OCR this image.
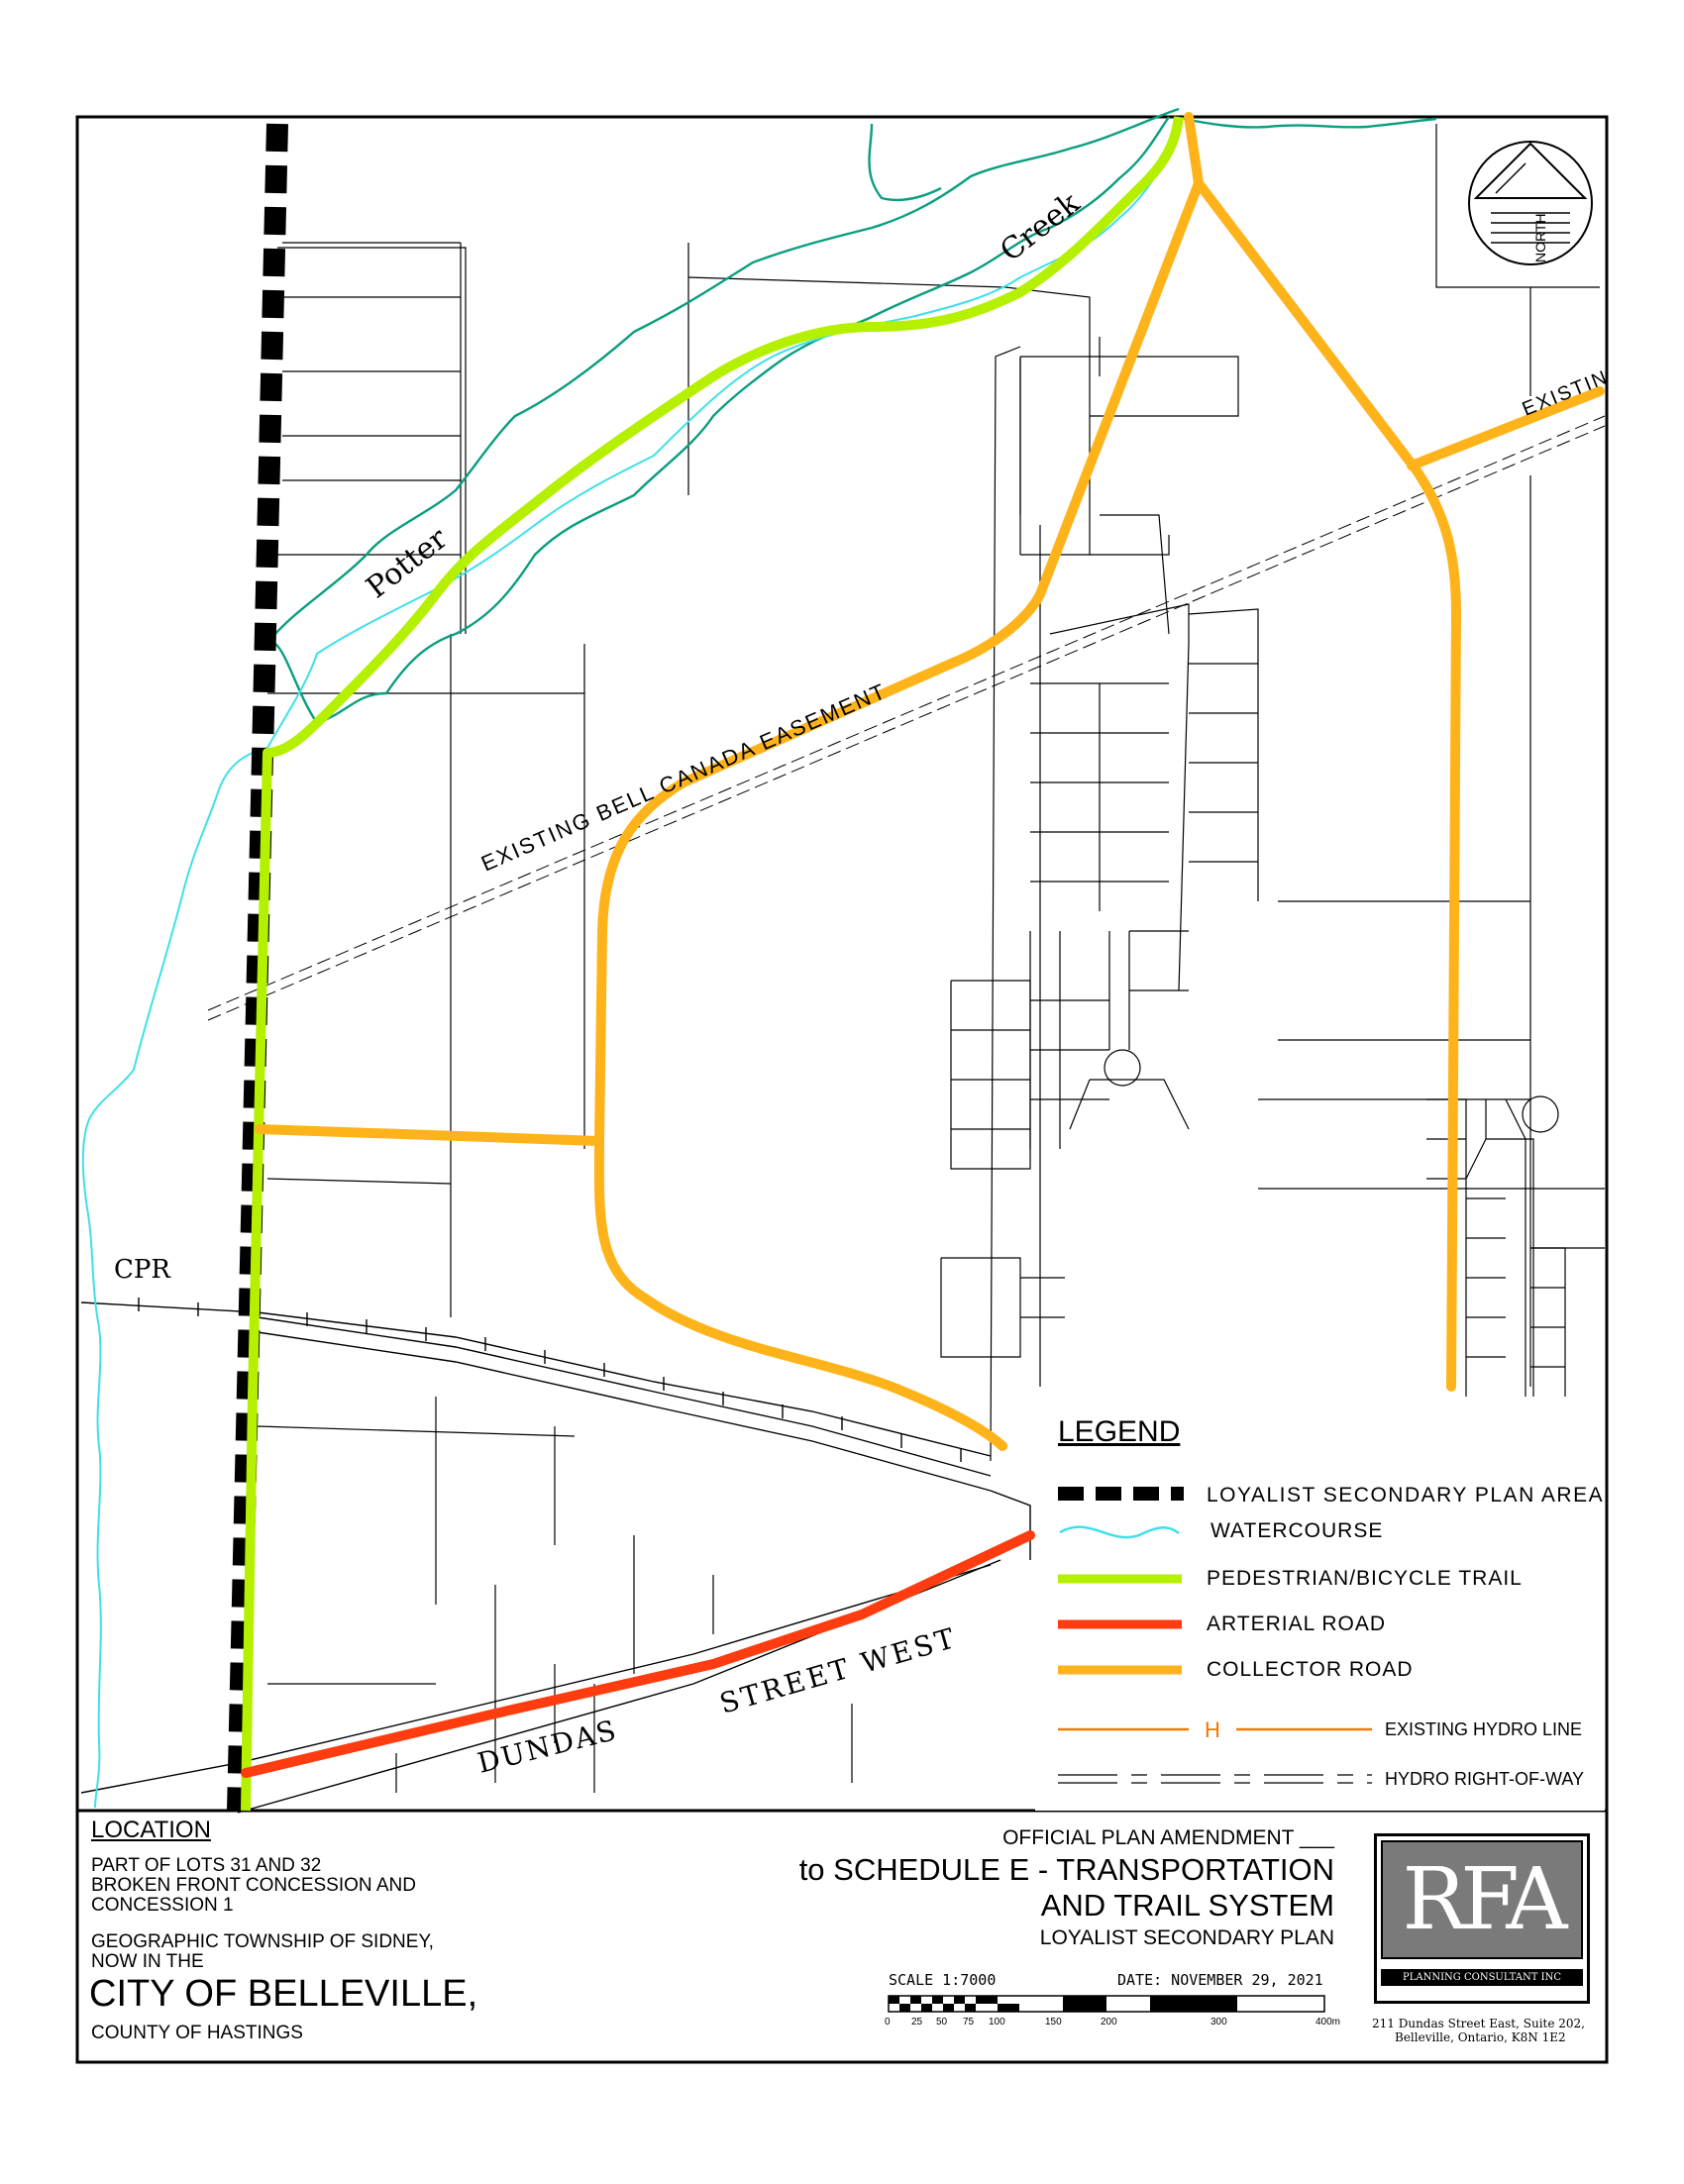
Potter
Creek
CPR
EXISTING BELL CANADA EASEMENT
EXISTIN
DUNDAS
STREET WEST
NORTH
LEGEND
H
LOYALIST SECONDARY PLAN AREA
WATERCOURSE
PEDESTRIAN/BICYCLE TRAIL
ARTERIAL ROAD
COLLECTOR ROAD
EXISTING HYDRO LINE
HYDRO RIGHT-OF-WAY
LOCATION
PART OF LOTS 31 AND 32
BROKEN FRONT CONCESSION AND
CONCESSION 1
GEOGRAPHIC TOWNSHIP OF SIDNEY,
NOW IN THE
CITY OF BELLEVILLE,
COUNTY OF HASTINGS
OFFICIAL PLAN AMENDMENT ___
to SCHEDULE E - TRANSPORTATION
AND TRAIL SYSTEM
LOYALIST SECONDARY PLAN
SCALE 1:7000	DATE: NOVEMBER 29, 2021
0 25 50 75 100	150	200	300	400m
RFA
PLANNING CONSULTANT INC
211 Dundas Street East, Suite 202,
Belleville, Ontario, K8N 1E2
